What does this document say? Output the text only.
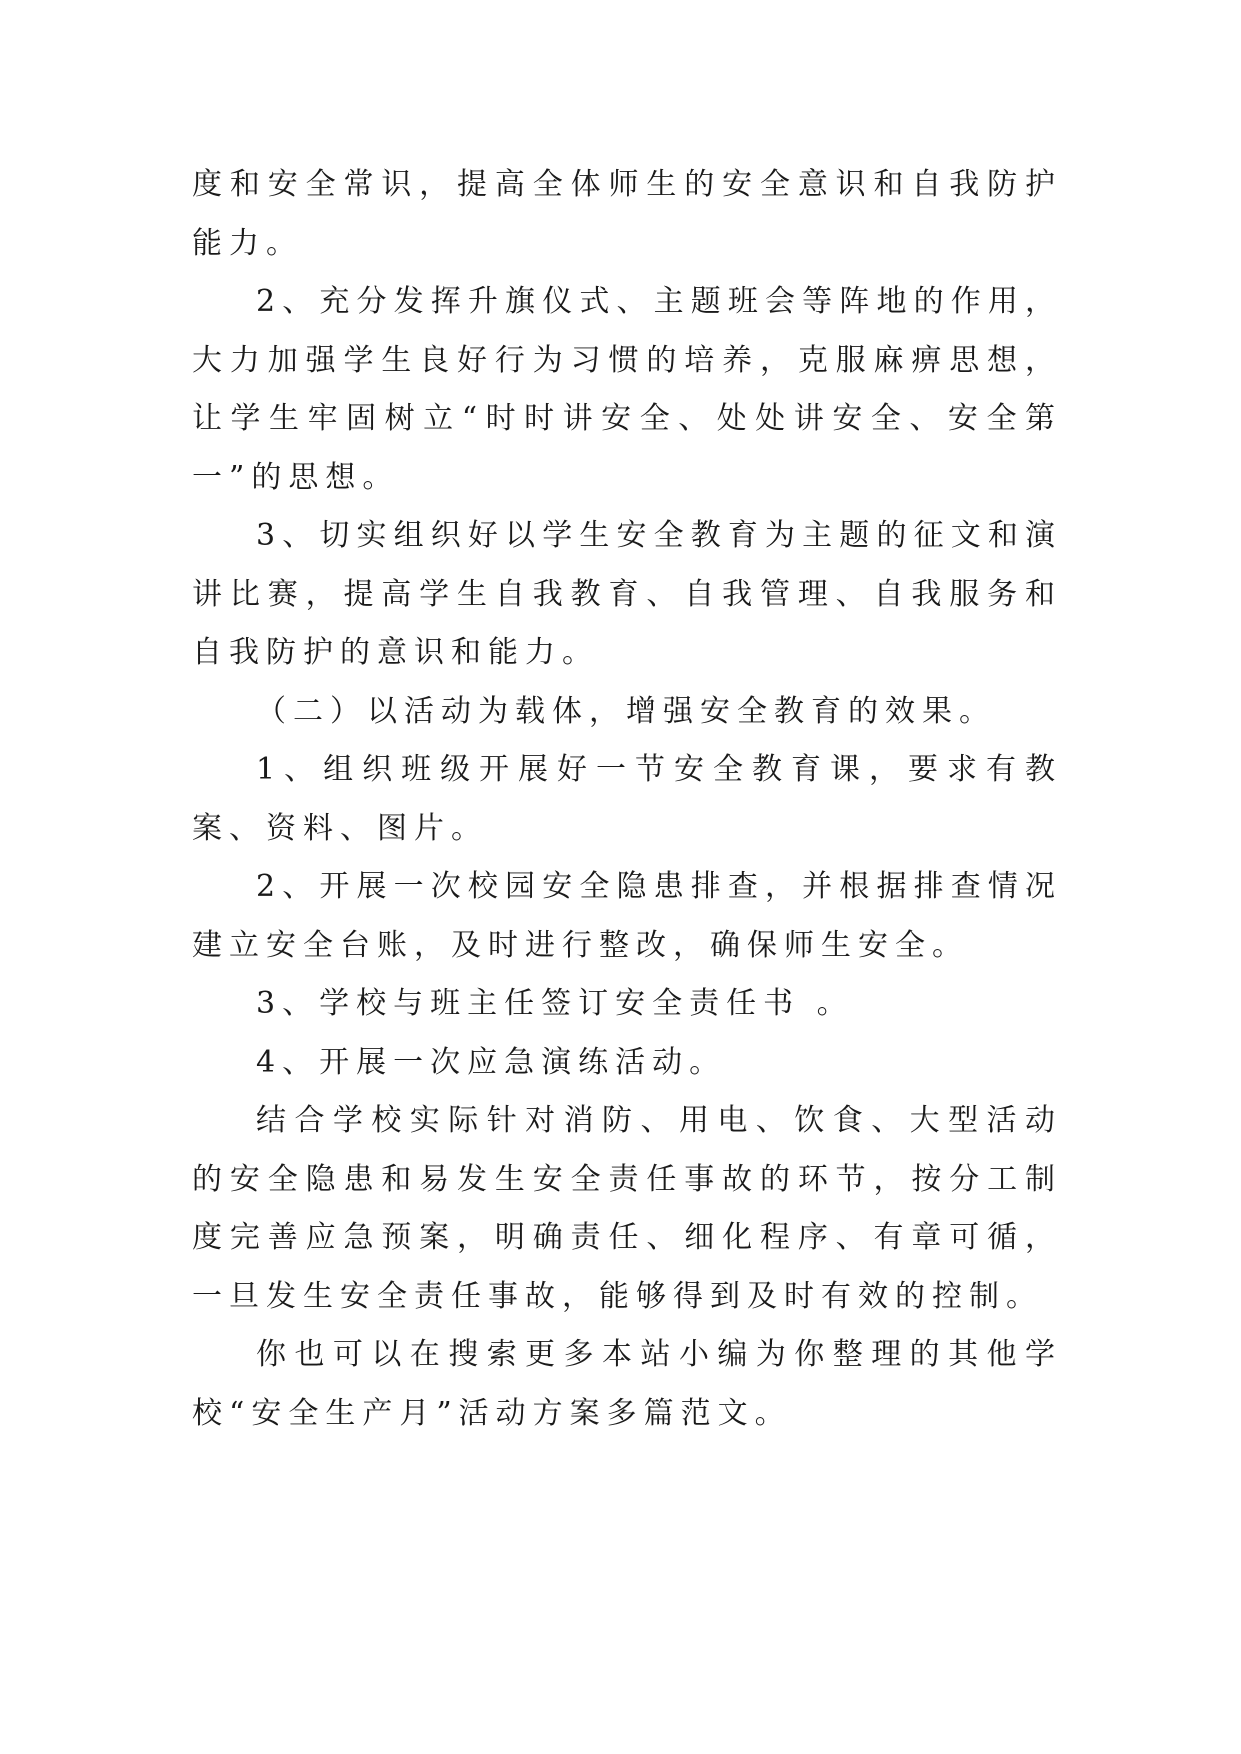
度和安全常识，提高全体师生的安全意识和自我防护能力。

2、充分发挥升旗仪式、主题班会等阵地的作用，大力加强学生良好行为习惯的培养，克服麻痹思想，让学生牢固树立“时时讲安全、处处讲安全、安全第一”的思想。

3、切实组织好以学生安全教育为主题的征文和演讲比赛，提高学生自我教育、自我管理、自我服务和自我防护的意识和能力。

（二）以活动为载体，增强安全教育的效果。

1、组织班级开展好一节安全教育课，要求有教案、资料、图片。

2、开展一次校园安全隐患排查，并根据排查情况建立安全台账，及时进行整改，确保师生安全。

3、学校与班主任签订安全责任书 。

4、开展一次应急演练活动。

结合学校实际针对消防、用电、饮食、大型活动的安全隐患和易发生安全责任事故的环节，按分工制度完善应急预案，明确责任、细化程序、有章可循，一旦发生安全责任事故，能够得到及时有效的控制。

你也可以在搜索更多本站小编为你整理的其他学校“安全生产月”活动方案多篇范文。
